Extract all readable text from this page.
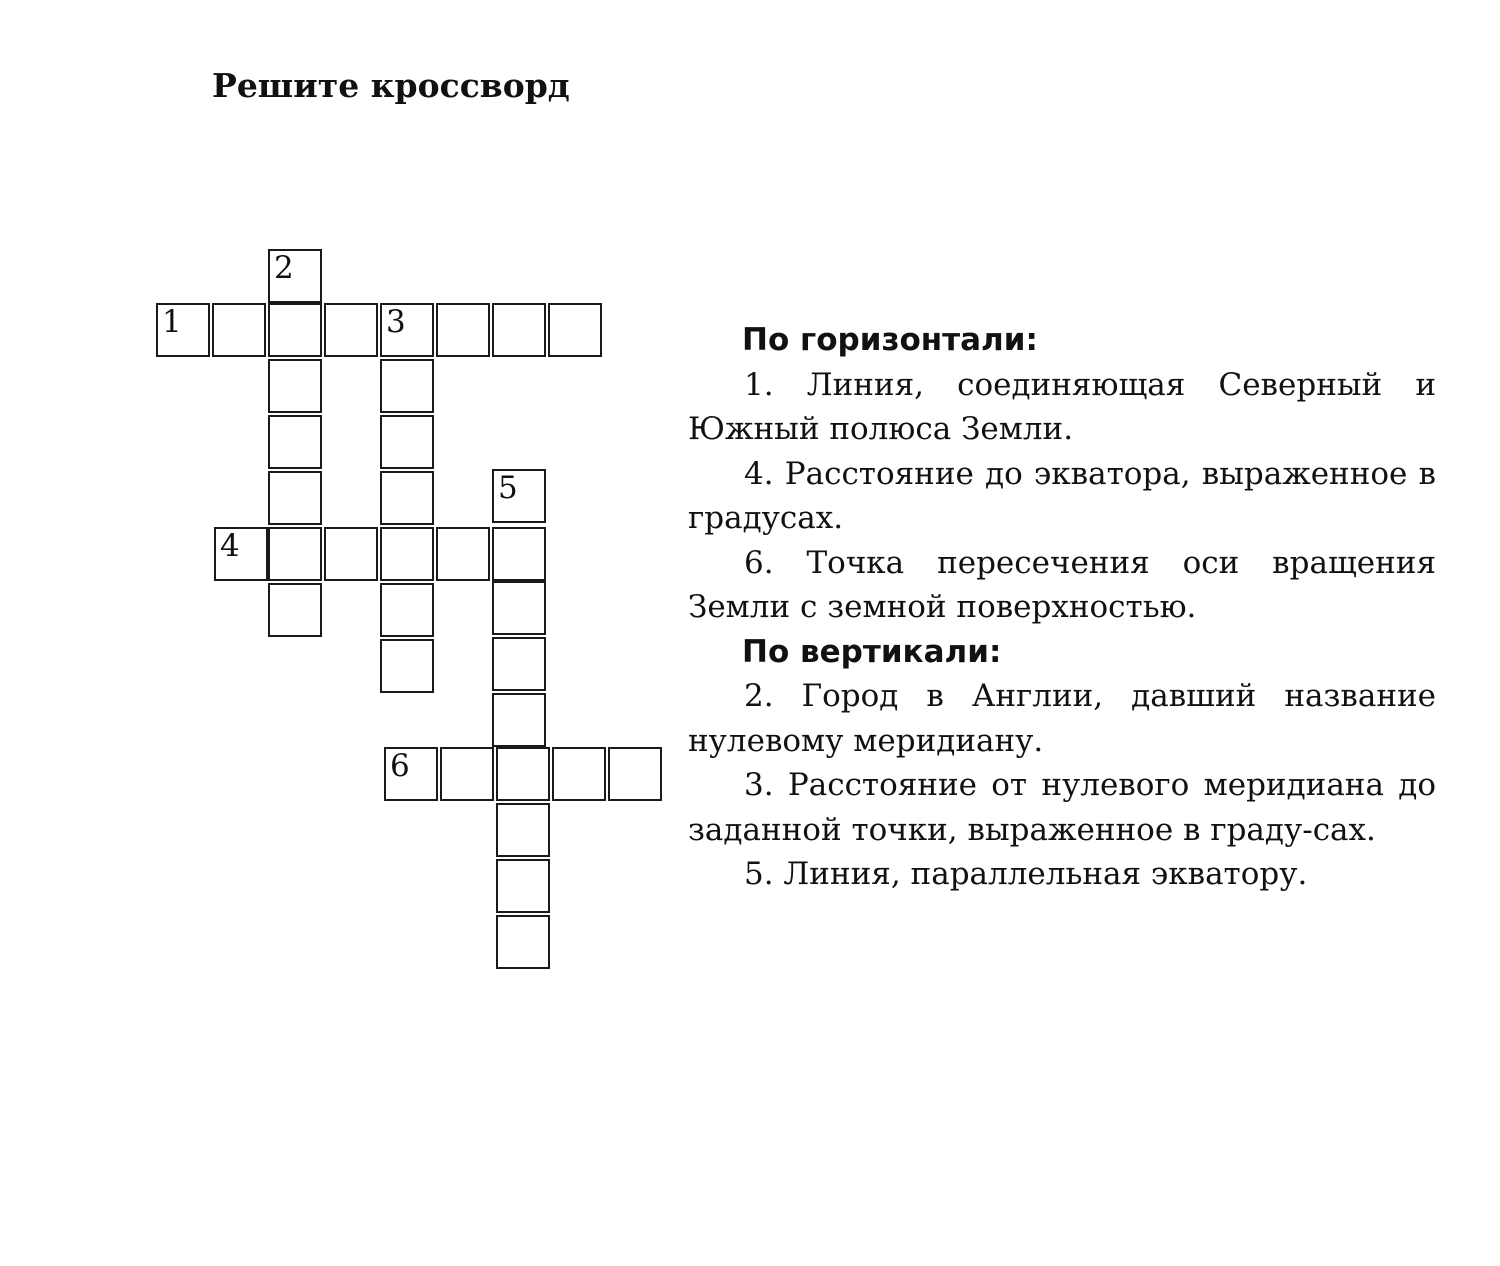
Решите кроссворд
1	3
2
4
5
6
По горизонтали:
1. Линия, соединяющая Северный и Южный полюса Земли.
4. Расстояние до экватора, выраженное в градусах.
6. Точка пересечения оси вращения Земли с земной поверхностью.
По вертикали:
2. Город в Англии, давший название нулевому меридиану.
3. Расстояние от нулевого меридиана до заданной точки, выраженное в граду-сах.
5. Линия, параллельная экватору.
